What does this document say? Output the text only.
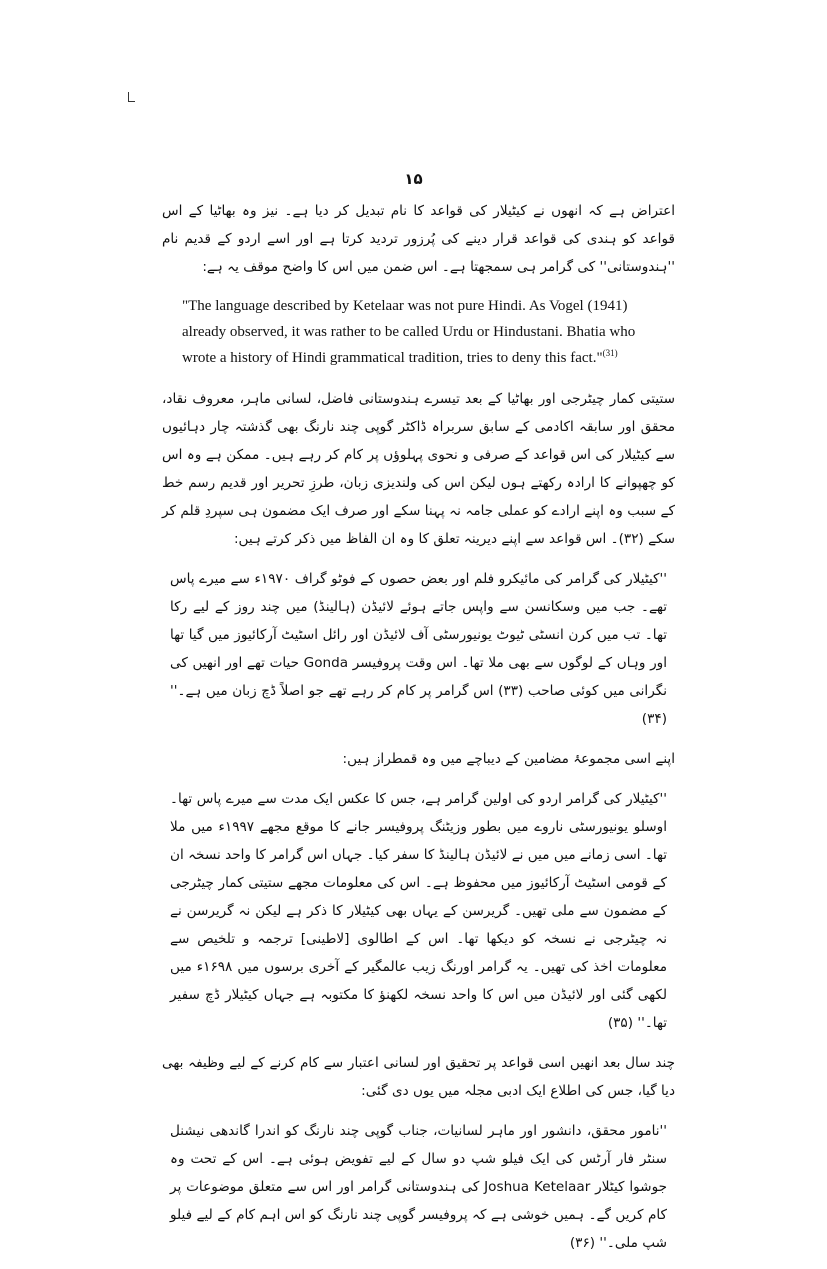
۱۵

اعتراض ہے کہ انھوں نے کیٹیلار کی قواعد کا نام تبدیل کر دیا ہے۔ نیز وہ بھاٹیا کے اس قواعد کو ہندی کی قواعد قرار دینے کی پُرزور تردید کرتا ہے اور اسے اردو کے قدیم نام ''ہندوستانی'' کی گرامر ہی سمجھتا ہے۔ اس ضمن میں اس کا واضح موقف یہ ہے:

"The language described by Ketelaar was not pure Hindi. As Vogel (1941) already observed, it was rather to be called Urdu or Hindustani. Bhatia who wrote a history of Hindi grammatical tradition, tries to deny this fact."$^{(31)}$

ستیتی کمار چیٹرجی اور بھاٹیا کے بعد تیسرے ہندوستانی فاضل، لسانی ماہر، معروف نقاد، محقق اور سابقہ اکادمی کے سابق سربراہ ڈاکٹر گوپی چند نارنگ بھی گذشتہ چار دہائیوں سے کیٹیلار کی اس قواعد کے صرفی و نحوی پہلوؤں پر کام کر رہے ہیں۔ ممکن ہے وہ اس کو چھپوانے کا ارادہ رکھتے ہوں لیکن اس کی ولندیزی زبان، طرزِ تحریر اور قدیم رسم خط کے سبب وہ اپنے ارادے کو عملی جامہ نہ پہنا سکے اور صرف ایک مضمون ہی سپردِ قلم کر سکے (۳۲)۔ اس قواعد سے اپنے دیرینہ تعلق کا وہ ان الفاظ میں ذکر کرتے ہیں:

''کیٹیلار کی گرامر کی مائیکرو فلم اور بعض حصوں کے فوٹو گراف ۱۹۷۰ء سے میرے پاس تھے۔ جب میں وسکانسن سے واپس جاتے ہوئے لائیڈن (ہالینڈ) میں چند روز کے لیے رکا تھا۔ تب میں کرن انسٹی ٹیوٹ یونیورسٹی آف لائیڈن اور رائل اسٹیٹ آرکائیوز میں گیا تھا اور وہاں کے لوگوں سے بھی ملا تھا۔ اس وقت پروفیسر Gonda حیات تھے اور انھیں کی نگرانی میں کوئی صاحب (۳۳) اس گرامر پر کام کر رہے تھے جو اصلاً ڈچ زبان میں ہے۔'' (۳۴)

اپنے اسی مجموعۂ مضامین کے دیباچے میں وہ قمطراز ہیں:

''کیٹیلار کی گرامر اردو کی اولین گرامر ہے، جس کا عکس ایک مدت سے میرے پاس تھا۔ اوسلو یونیورسٹی ناروے میں بطور وزیٹنگ پروفیسر جانے کا موقع مجھے ۱۹۹۷ء میں ملا تھا۔ اسی زمانے میں میں نے لائیڈن ہالینڈ کا سفر کیا۔ جہاں اس گرامر کا واحد نسخہ ان کے قومی اسٹیٹ آرکائیوز میں محفوظ ہے۔ اس کی معلومات مجھے ستیتی کمار چیٹرجی کے مضمون سے ملی تھیں۔ گریرسن کے یہاں بھی کیٹیلار کا ذکر ہے لیکن نہ گریرسن نے نہ چیٹرجی نے نسخہ کو دیکھا تھا۔ اس کے اطالوی [لاطینی] ترجمہ و تلخیص سے معلومات اخذ کی تھیں۔ یہ گرامر اورنگ زیب عالمگیر کے آخری برسوں میں ۱۶۹۸ء میں لکھی گئی اور لائیڈن میں اس کا واحد نسخہ لکھنؤ کا مکتوبہ ہے جہاں کیٹیلار ڈچ سفیر تھا۔'' (۳۵)

چند سال بعد انھیں اسی قواعد پر تحقیق اور لسانی اعتبار سے کام کرنے کے لیے وظیفہ بھی دیا گیا، جس کی اطلاع ایک ادبی مجلہ میں یوں دی گئی:

''نامور محقق، دانشور اور ماہر لسانیات، جناب گوپی چند نارنگ کو اندرا گاندھی نیشنل سنٹر فار آرٹس کی ایک فیلو شپ دو سال کے لیے تفویض ہوئی ہے۔ اس کے تحت وہ جوشوا کیٹلار Joshua Ketelaar کی ہندوستانی گرامر اور اس سے متعلق موضوعات پر کام کریں گے۔ ہمیں خوشی ہے کہ پروفیسر گوپی چند نارنگ کو اس اہم کام کے لیے فیلو شپ ملی۔'' (۳۶)
